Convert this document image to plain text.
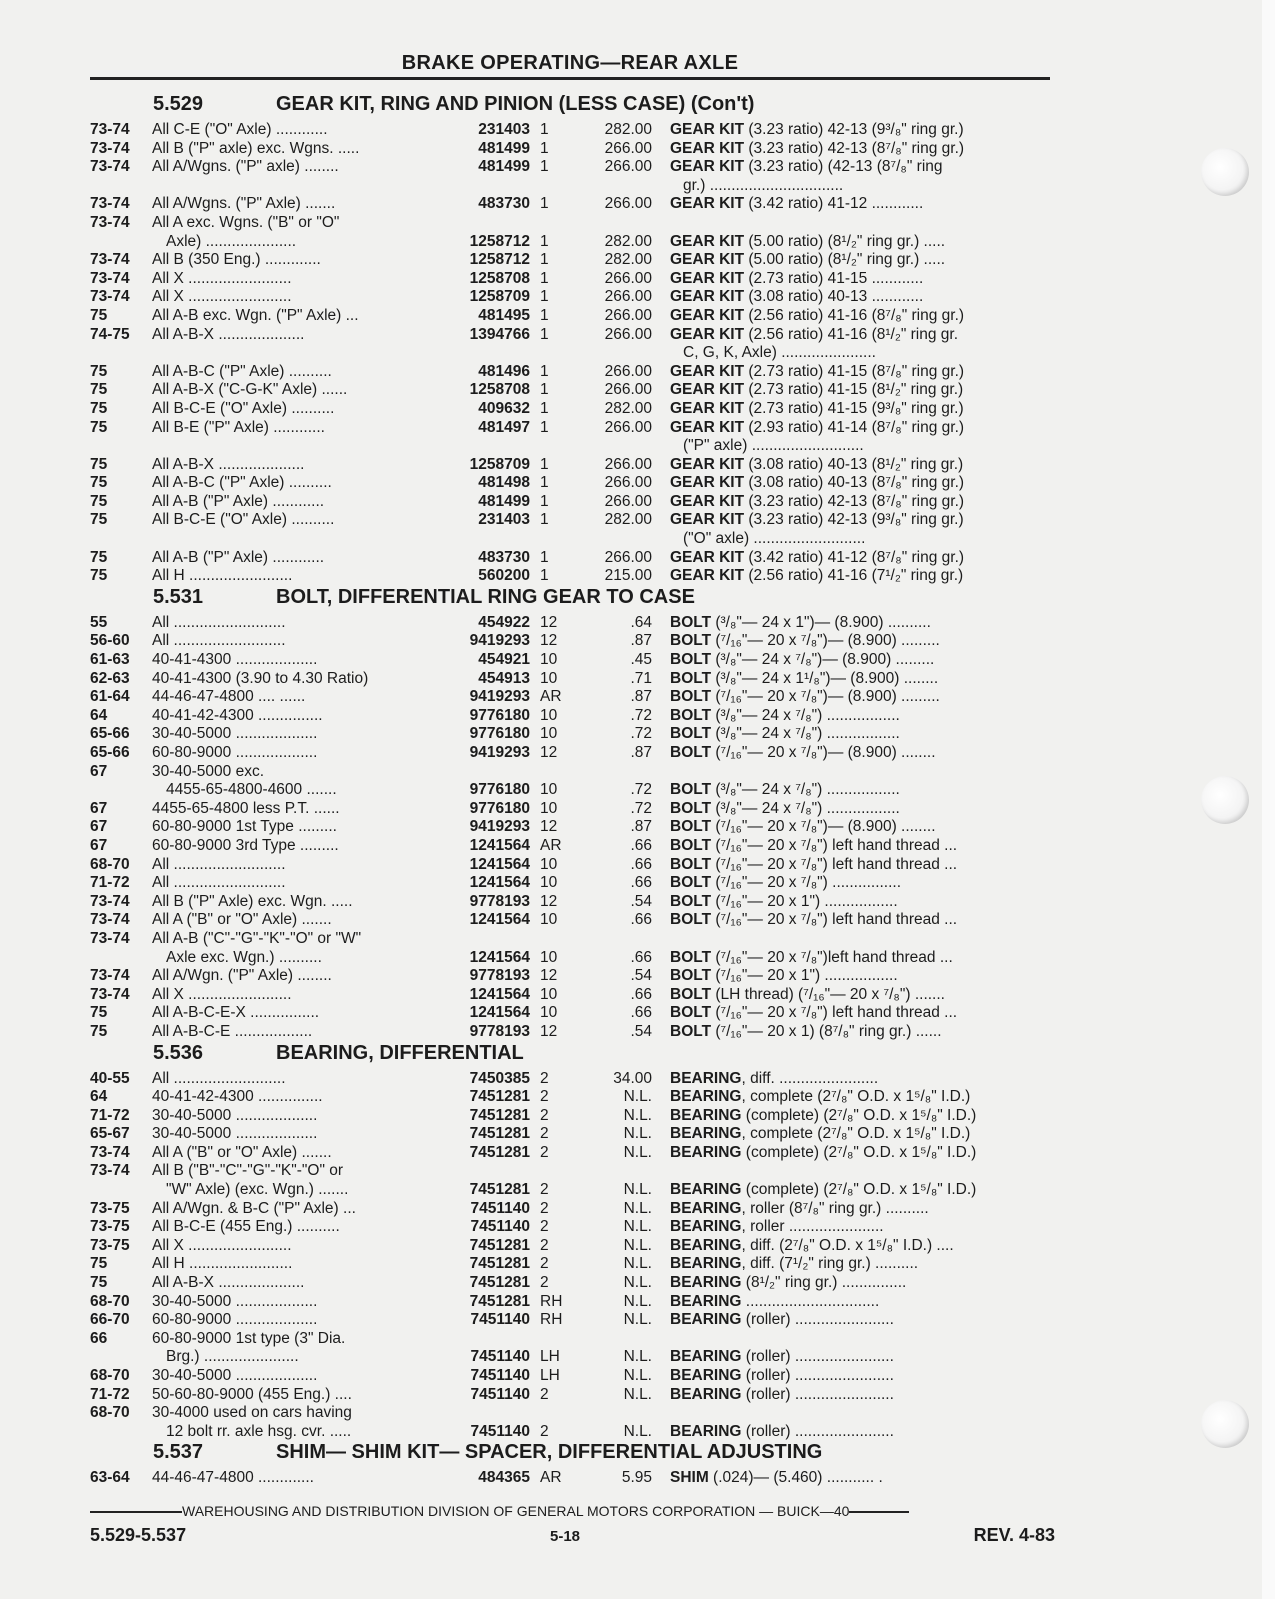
BRAKE OPERATING—REAR AXLE
5.529	GEAR KIT, RING AND PINION (LESS CASE) (Con't)
73-74	All C-E ("O" Axle) ............	231403 1	282.00 GEAR KIT (3.23 ratio) 42-13 (9³/₈" ring gr.)
73-74	All B ("P" axle) exc. Wgns. .....	481499 1	266.00 GEAR KIT (3.23 ratio) 42-13 (8⁷/₈" ring gr.)
73-74	All A/Wgns. ("P" axle) ........	481499 1	266.00 GEAR KIT (3.23 ratio) (42-13 (8⁷/₈" ring
gr.) ...............................
73-74	All A/Wgns. ("P" Axle) .......	483730 1	266.00 GEAR KIT (3.42 ratio) 41-12 ............
73-74	All A exc. Wgns. ("B" or "O"
Axle) .....................	1258712 1	282.00 GEAR KIT (5.00 ratio) (8¹/₂" ring gr.) .....
73-74	All B (350 Eng.) .............	1258712 1	282.00 GEAR KIT (5.00 ratio) (8¹/₂" ring gr.) .....
73-74	All X ........................	1258708 1	266.00 GEAR KIT (2.73 ratio) 41-15 ............
73-74	All X ........................	1258709 1	266.00 GEAR KIT (3.08 ratio) 40-13 ............
75	All A-B exc. Wgn. ("P" Axle) ...	481495 1	266.00 GEAR KIT (2.56 ratio) 41-16 (8⁷/₈" ring gr.)
74-75	All A-B-X ....................	1394766 1	266.00 GEAR KIT (2.56 ratio) 41-16 (8¹/₂" ring gr.
C, G, K, Axle) ......................
75	All A-B-C ("P" Axle) ..........	481496 1	266.00 GEAR KIT (2.73 ratio) 41-15 (8⁷/₈" ring gr.)
75	All A-B-X ("C-G-K" Axle) ......	1258708 1	266.00 GEAR KIT (2.73 ratio) 41-15 (8¹/₂" ring gr.)
75	All B-C-E ("O" Axle) ..........	409632 1	282.00 GEAR KIT (2.73 ratio) 41-15 (9³/₈" ring gr.)
75	All B-E ("P" Axle) ............	481497 1	266.00 GEAR KIT (2.93 ratio) 41-14 (8⁷/₈" ring gr.)
("P" axle) ..........................
75	All A-B-X ....................	1258709 1	266.00 GEAR KIT (3.08 ratio) 40-13 (8¹/₂" ring gr.)
75	All A-B-C ("P" Axle) ..........	481498 1	266.00 GEAR KIT (3.08 ratio) 40-13 (8⁷/₈" ring gr.)
75	All A-B ("P" Axle) ............	481499 1	266.00 GEAR KIT (3.23 ratio) 42-13 (8⁷/₈" ring gr.)
75	All B-C-E ("O" Axle) ..........	231403 1	282.00 GEAR KIT (3.23 ratio) 42-13 (9³/₈" ring gr.)
("O" axle) ..........................
75	All A-B ("P" Axle) ............	483730 1	266.00 GEAR KIT (3.42 ratio) 41-12 (8⁷/₈" ring gr.)
75	All H ........................	560200 1	215.00 GEAR KIT (2.56 ratio) 41-16 (7¹/₂" ring gr.)
5.531	BOLT, DIFFERENTIAL RING GEAR TO CASE
55	All ..........................	454922 12	.64 BOLT (³/₈"— 24 x 1")— (8.900) ..........
56-60	All ..........................	9419293 12	.87 BOLT (⁷/₁₆"— 20 x ⁷/₈")— (8.900) .........
61-63	40-41-4300 ...................	454921 10	.45 BOLT (³/₈"— 24 x ⁷/₈")— (8.900) .........
62-63	40-41-4300 (3.90 to 4.30 Ratio)	454913 10	.71 BOLT (³/₈"— 24 x 1¹/₈")— (8.900) ........
61-64	44-46-47-4800 .... ......	9419293 AR	.87 BOLT (⁷/₁₆"— 20 x ⁷/₈")— (8.900) .........
64	40-41-42-4300 ...............	9776180 10	.72 BOLT (³/₈"— 24 x ⁷/₈") .................
65-66	30-40-5000 ...................	9776180 10	.72 BOLT (³/₈"— 24 x ⁷/₈") .................
65-66	60-80-9000 ...................	9419293 12	.87 BOLT (⁷/₁₆"— 20 x ⁷/₈")— (8.900) ........
67	30-40-5000 exc.
4455-65-4800-4600 .......	9776180 10	.72 BOLT (³/₈"— 24 x ⁷/₈") .................
67	4455-65-4800 less P.T. ......	9776180 10	.72 BOLT (³/₈"— 24 x ⁷/₈") .................
67	60-80-9000 1st Type .........	9419293 12	.87 BOLT (⁷/₁₆"— 20 x ⁷/₈")— (8.900) ........
67	60-80-9000 3rd Type .........	1241564 AR	.66 BOLT (⁷/₁₆"— 20 x ⁷/₈") left hand thread ...
68-70	All ..........................	1241564 10	.66 BOLT (⁷/₁₆"— 20 x ⁷/₈") left hand thread ...
71-72	All ..........................	1241564 10	.66 BOLT (⁷/₁₆"— 20 x ⁷/₈") ................
73-74	All B ("P" Axle) exc. Wgn. .....	9778193 12	.54 BOLT (⁷/₁₆"— 20 x 1") .................
73-74	All A ("B" or "O" Axle) .......	1241564 10	.66 BOLT (⁷/₁₆"— 20 x ⁷/₈") left hand thread ...
73-74	All A-B ("C"-"G"-"K"-"O" or "W"
Axle exc. Wgn.) ..........	1241564 10	.66 BOLT (⁷/₁₆"— 20 x ⁷/₈")left hand thread ...
73-74	All A/Wgn. ("P" Axle) ........	9778193 12	.54 BOLT (⁷/₁₆"— 20 x 1") .................
73-74	All X ........................	1241564 10	.66 BOLT (LH thread) (⁷/₁₆"— 20 x ⁷/₈") .......
75	All A-B-C-E-X ................	1241564 10	.66 BOLT (⁷/₁₆"— 20 x ⁷/₈") left hand thread ...
75	All A-B-C-E ..................	9778193 12	.54 BOLT (⁷/₁₆"— 20 x 1) (8⁷/₈" ring gr.) ......
5.536	BEARING, DIFFERENTIAL
40-55	All ..........................	7450385 2	34.00 BEARING, diff. .......................
64	40-41-42-4300 ...............	7451281 2	N.L. BEARING, complete (2⁷/₈" O.D. x 1⁵/₈" I.D.)
71-72	30-40-5000 ...................	7451281 2	N.L. BEARING (complete) (2⁷/₈" O.D. x 1⁵/₈" I.D.)
65-67	30-40-5000 ...................	7451281 2	N.L. BEARING, complete (2⁷/₈" O.D. x 1⁵/₈" I.D.)
73-74	All A ("B" or "O" Axle) .......	7451281 2	N.L. BEARING (complete) (2⁷/₈" O.D. x 1⁵/₈" I.D.)
73-74	All B ("B"-"C"-"G"-"K"-"O" or
"W" Axle) (exc. Wgn.) .......	7451281 2	N.L. BEARING (complete) (2⁷/₈" O.D. x 1⁵/₈" I.D.)
73-75	All A/Wgn. & B-C ("P" Axle) ...	7451140 2	N.L. BEARING, roller (8⁷/₈" ring gr.) ..........
73-75	All B-C-E (455 Eng.) ..........	7451140 2	N.L. BEARING, roller ......................
73-75	All X ........................	7451281 2	N.L. BEARING, diff. (2⁷/₈" O.D. x 1⁵/₈" I.D.) ....
75	All H ........................	7451281 2	N.L. BEARING, diff. (7¹/₂" ring gr.) ..........
75	All A-B-X ....................	7451281 2	N.L. BEARING (8¹/₂" ring gr.) ...............
68-70	30-40-5000 ...................	7451281 RH	N.L. BEARING ...............................
66-70	60-80-9000 ...................	7451140 RH	N.L. BEARING (roller) .......................
66	60-80-9000 1st type (3" Dia.
Brg.) ......................	7451140 LH	N.L. BEARING (roller) .......................
68-70	30-40-5000 ...................	7451140 LH	N.L. BEARING (roller) .......................
71-72	50-60-80-9000 (455 Eng.) ....	7451140 2	N.L. BEARING (roller) .......................
68-70	30-4000 used on cars having
12 bolt rr. axle hsg. cvr. .....	7451140 2	N.L. BEARING (roller) .......................
5.537	SHIM— SHIM KIT— SPACER, DIFFERENTIAL ADJUSTING
63-64	44-46-47-4800 .............	484365 AR	5.95 SHIM (.024)— (5.460) ........... .
WAREHOUSING AND DISTRIBUTION DIVISION OF GENERAL MOTORS CORPORATION — BUICK—40
5.529-5.537	5-18	REV. 4-83
